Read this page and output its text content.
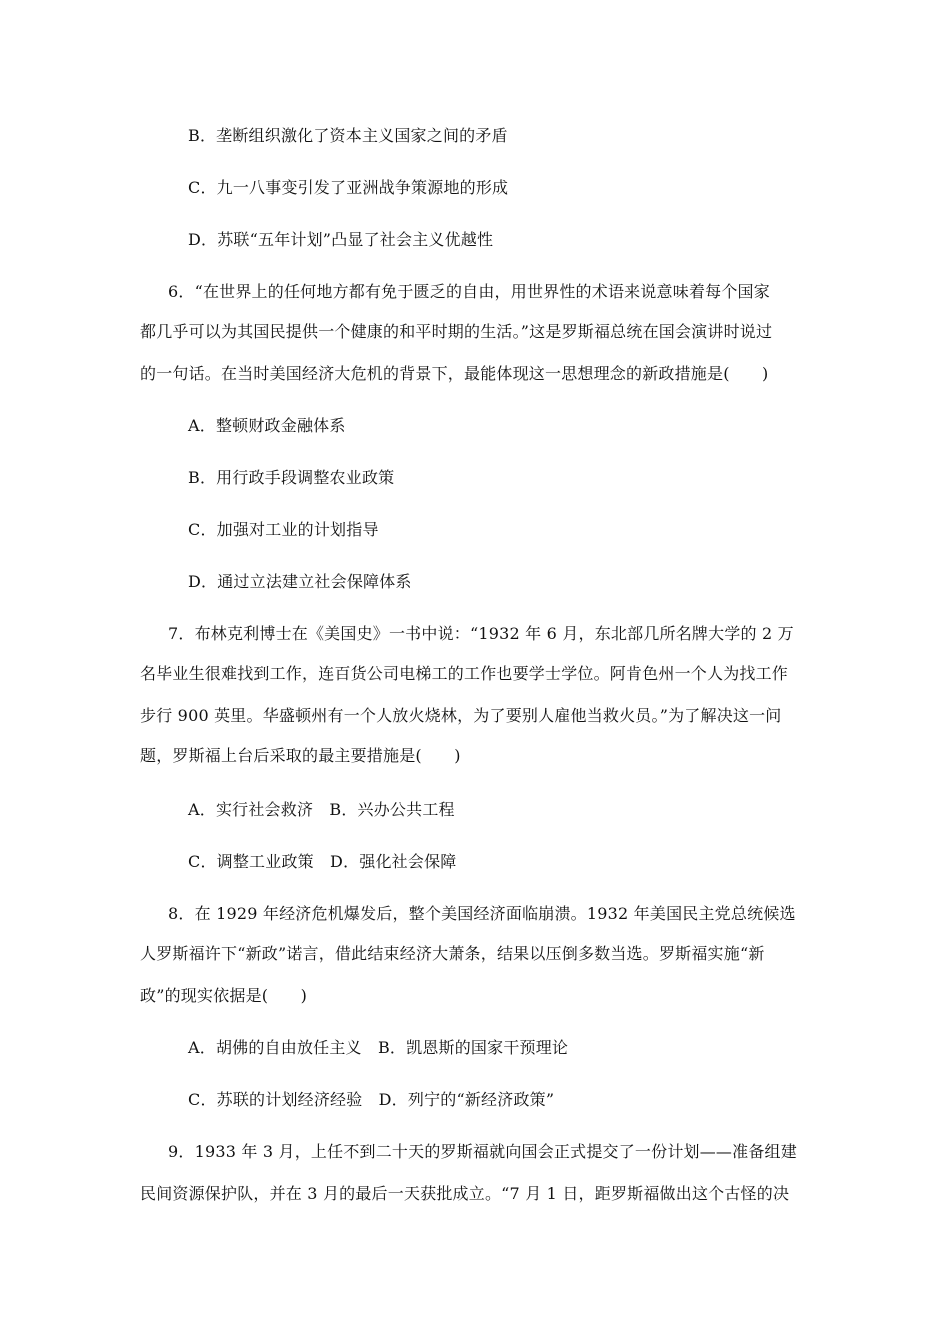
B．垄断组织激化了资本主义国家之间的矛盾
C．九一八事变引发了亚洲战争策源地的形成
D．苏联“五年计划”凸显了社会主义优越性
6．“在世界上的任何地方都有免于匮乏的自由，用世界性的术语来说意味着每个国家
都几乎可以为其国民提供一个健康的和平时期的生活。”这是罗斯福总统在国会演讲时说过
的一句话。在当时美国经济大危机的背景下，最能体现这一思想理念的新政措施是(　　)
A．整顿财政金融体系
B．用行政手段调整农业政策
C．加强对工业的计划指导
D．通过立法建立社会保障体系
7．布林克利博士在《美国史》一书中说：“1932 年 6 月，东北部几所名牌大学的 2 万
名毕业生很难找到工作，连百货公司电梯工的工作也要学士学位。阿肯色州一个人为找工作
步行 900 英里。华盛顿州有一个人放火烧林，为了要别人雇他当救火员。”为了解决这一问
题，罗斯福上台后采取的最主要措施是(　　)
A．实行社会救济　B．兴办公共工程
C．调整工业政策　D．强化社会保障
8．在 1929 年经济危机爆发后，整个美国经济面临崩溃。1932 年美国民主党总统候选
人罗斯福许下“新政”诺言，借此结束经济大萧条，结果以压倒多数当选。罗斯福实施“新
政”的现实依据是(　　)
A．胡佛的自由放任主义　B．凯恩斯的国家干预理论
C．苏联的计划经济经验　D．列宁的“新经济政策”
9．1933 年 3 月，上任不到二十天的罗斯福就向国会正式提交了一份计划——准备组建
民间资源保护队，并在 3 月的最后一天获批成立。“7 月 1 日，距罗斯福做出这个古怪的决
